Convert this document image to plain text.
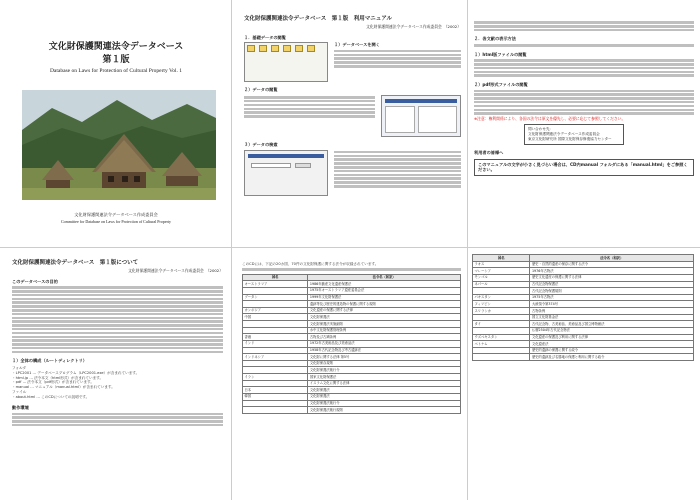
文化財保護関連法令データベース
第１版
Database on Laws for Protection of Cultural Property Vol. 1
文化財保護関連法令データベース作成委員会
Committee for Database on Laws for Protection of Cultural Property
文化財保護関連法令データベース　第１版　利用マニュアル
文化財保護関連法令データベース作成委員会　（2002）
１．基礎データの閲覧
１）データベースを開く
２）データの閲覧
３）データの検索
２．各文献の表示方法
１）html版ファイルの閲覧
２）pdf形式ファイルの閲覧
※注意：権利関係により、各国の法令は原文を優先し、必要に応じて参照してください。
問い合わせ先：
文化財保護関連法令データベース作成委員会
東京文化財研究所 国際文化財保存修復協力センター
利用者の皆様へ
このマニュアルの文字が小さく見づらい場合は、CD内manual フォルダにある「manual.html」をご参照ください。
文化財保護関連法令データベース　第１版について
文化財保護関連法令データベース作成委員会　（2002）
このデータベースの目的
１）全体の構成（ルートディレクトリ）
フォルダ
・LPC2001 … データベースプログラム（LPC2001.exe）が含まれています。
・html.jp … 法令本文（html形式）が含まれています。
・pdf … 法令本文（pdf形式）が含まれています。
・manual … マニュアル（manual.html）が含まれています。
ファイル
・about.html … このCDについての説明です。
動作環境
このCDには、下記の20カ国、70件の文化財保護に関する法令が収録されています。
国名	法令名（和訳）
オーストラリア	1986年動産文化遺産保護法
	1975年オーストラリア遺産委員会法
ブータン	1999年文化財保護法
	遺跡等及び歴史的建造物の保護に関する規則
カンボジア	文化遺産の保護に関する法律
中国	文化財保護法
	文化財保護法実施細則
	水中文化財保護管理条例
香港	古物及び古蹟条例
インド	1972年古美術品及び美術品法
	1958年古代記念物及び考古遺跡法
インドネシア	文化財に関する法律 第5号
	文化財保存規則
	文化財保護法施行令
イラン	国家文化財保護法
	イスラム文化に関する法律
日本	文化財保護法
韓国	文化財保護法
	文化財保護法施行令
	文化財保護法施行規則
国名	法令名（和訳）
ラオス	歴史・自然的遺産の保存に関する法令
マレーシア	1976年古物法
モンゴル	歴史文化遺産の保護に関する法律
ネパール	古代記念物保護法
	古代記念物保護規則
パキスタン	1975年古物法
フィリピン	大統領令第374号
スリランカ	古物条例
	国立文化財基金法
タイ	古代記念物、古美術品、美術品及び国立博物館法
	仏暦2504年古代記念物法
ウズベキスタン	文化遺産の保護及び利用に関する法律
ベトナム	文化遺産法
	歴史的遺跡の保護に関する政令
	歴史的遺跡及び名勝地の保護と利用に関する政令
